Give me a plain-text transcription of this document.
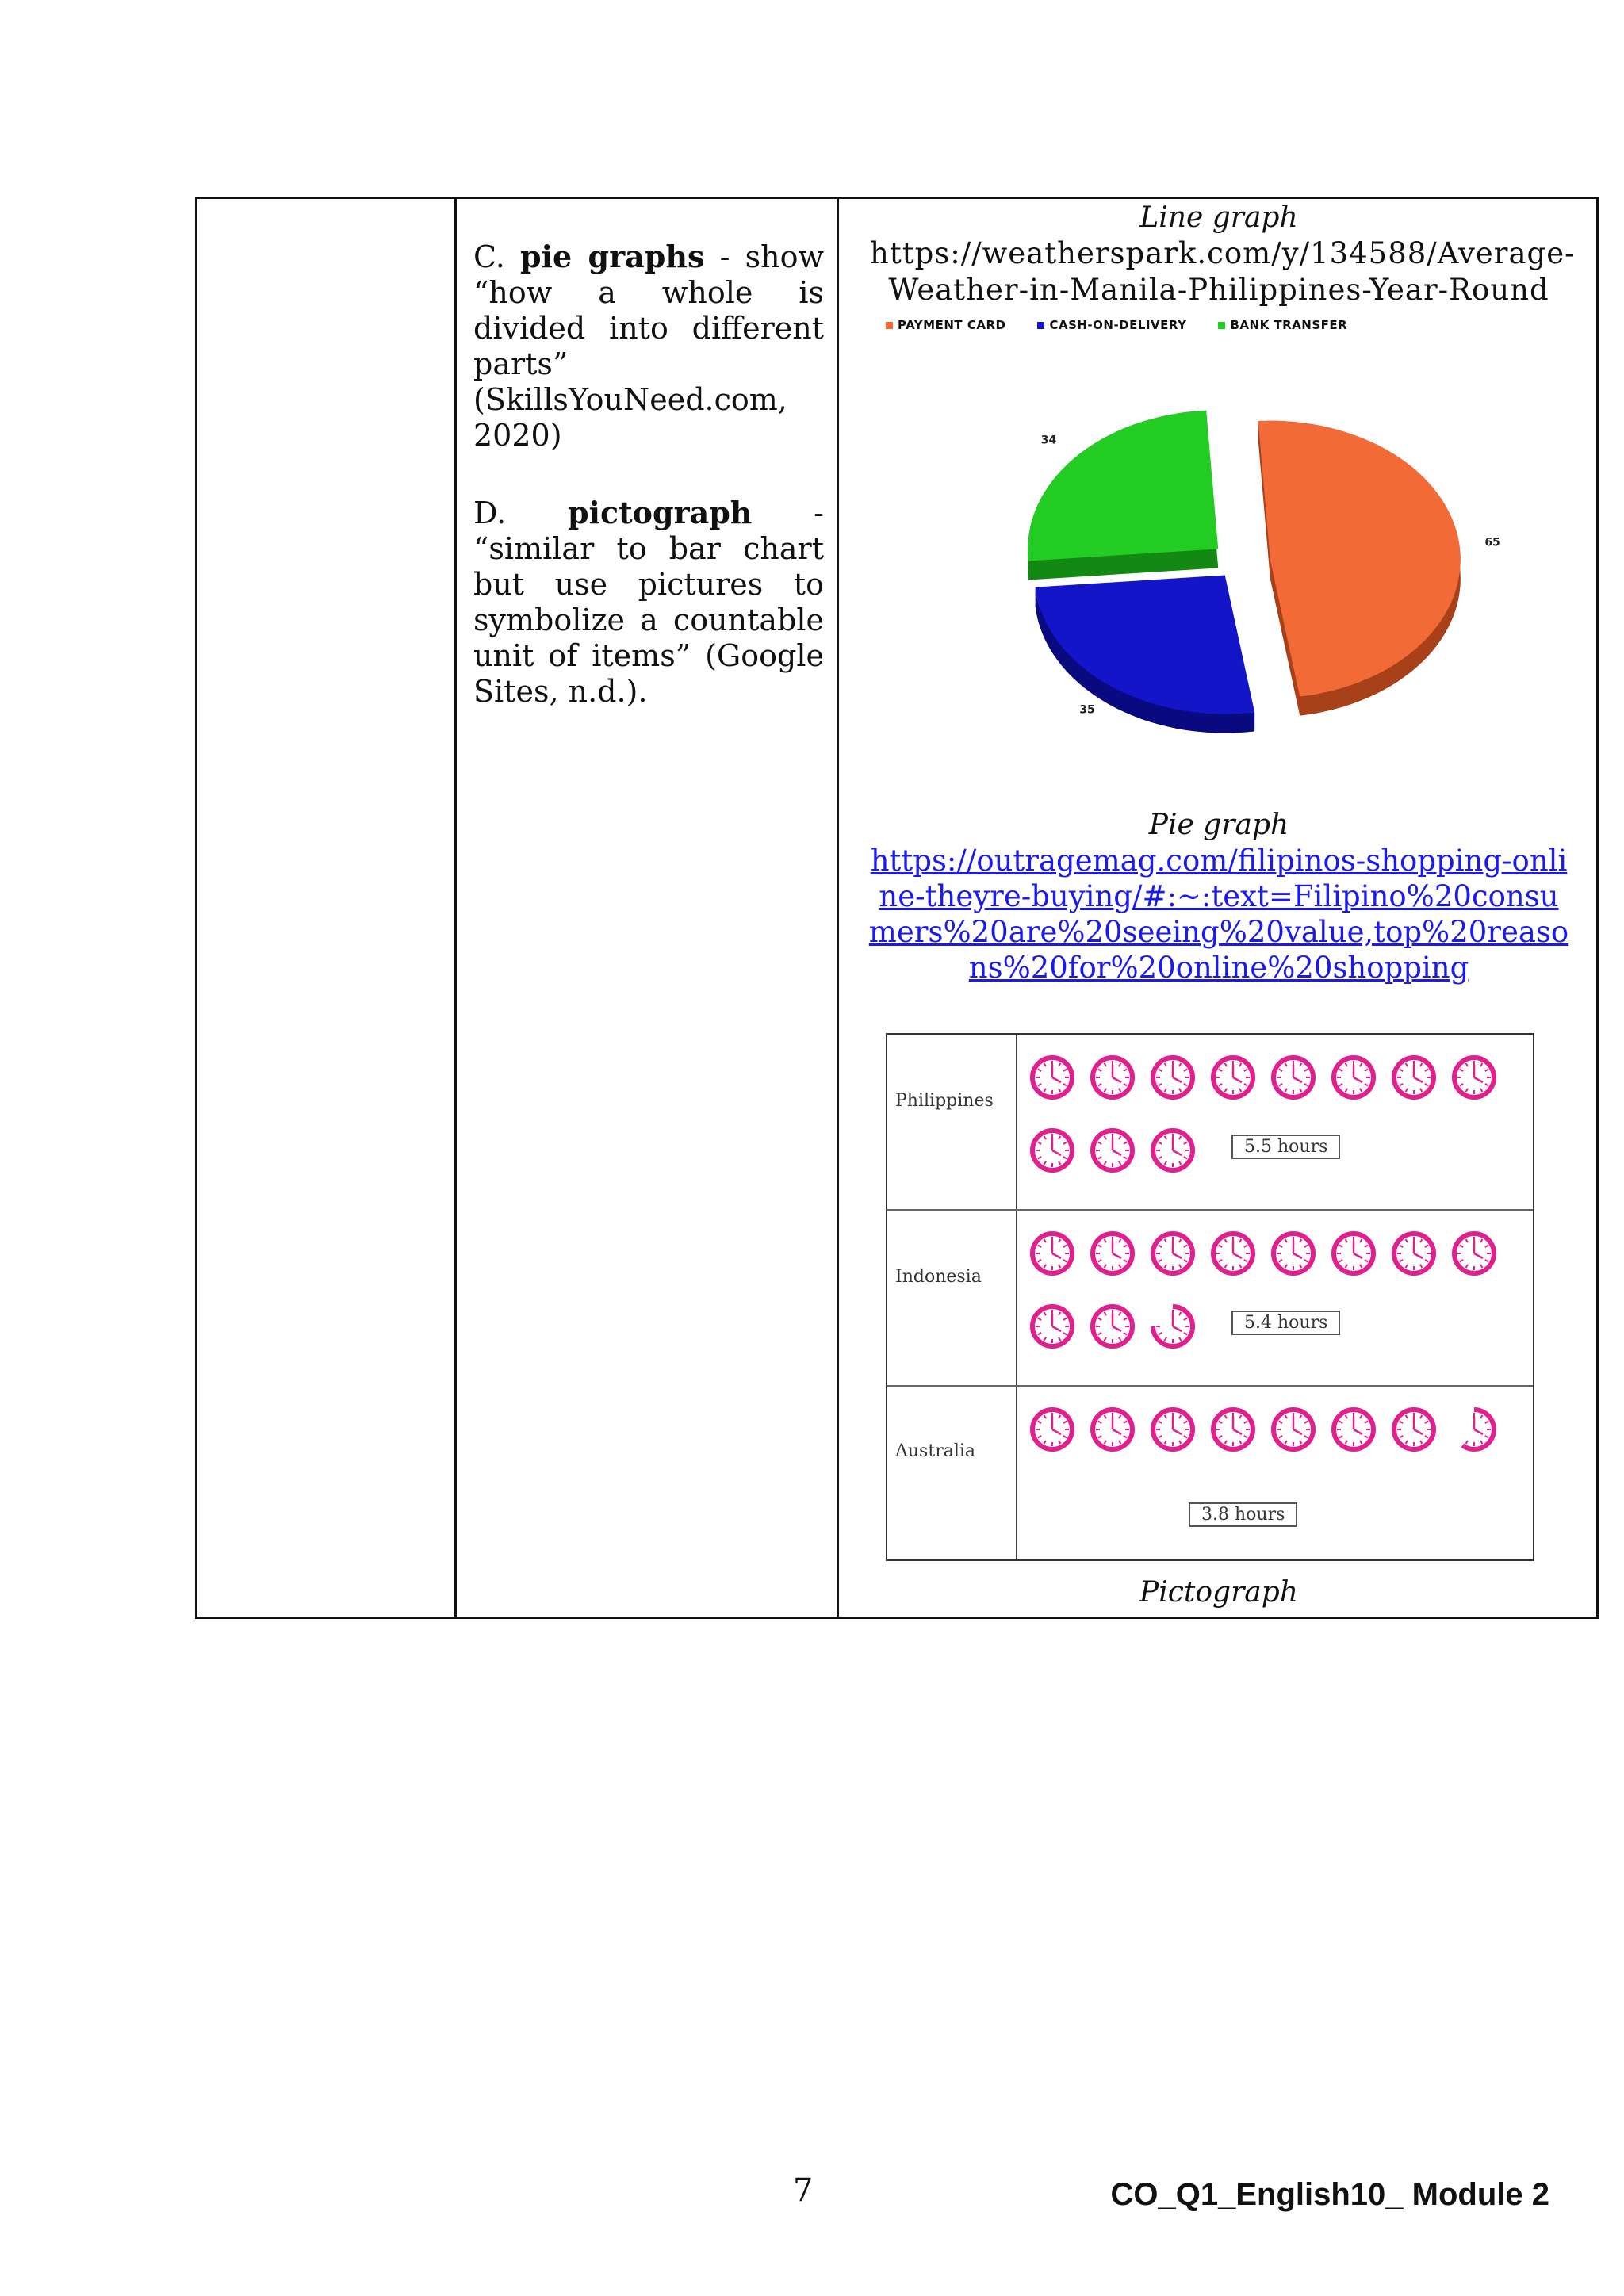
C. pie graphs - show “how a whole is divided into different parts” (SkillsYouNeed.com, 2020)

D. pictograph - “similar to bar chart but use pictures to symbolize a countable unit of items” (Google Sites, n.d.).

Line graph
https://weatherspark.com/y/134588/Average-Weather-in-Manila-Philippines-Year-Round
PAYMENT CARD	CASH-ON-DELIVERY	BANK TRANSFER
65
35
34
Pie graph
https://outragemag.com/filipinos-shopping-online-theyre-buying/#:~:text=Filipino%20consumers%20are%20seeing%20value,top%20reasons%20for%20online%20shopping
Philippines
5.5 hours
Indonesia
5.4 hours
Australia
3.8 hours
Pictograph
7	CO_Q1_English10_ Module 2
